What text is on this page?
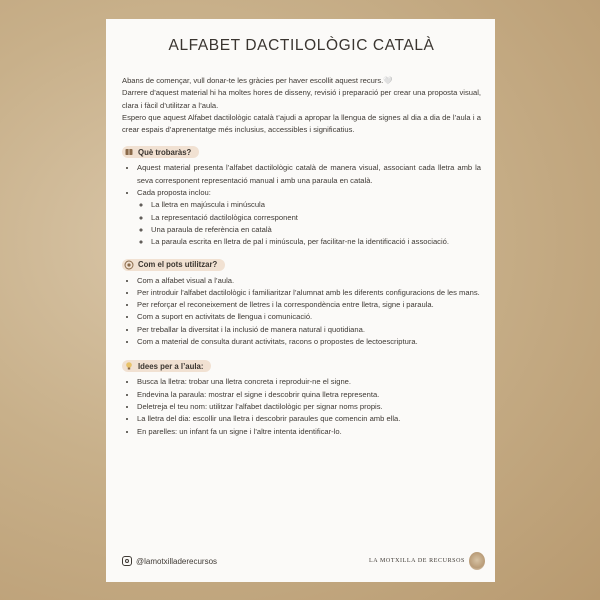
ALFABET DACTILOLÒGIC CATALÀ

Abans de començar, vull donar-te les gràcies per haver escollit aquest recurs.🤍

Darrere d’aquest material hi ha moltes hores de disseny, revisió i preparació per crear una proposta visual, clara i fàcil d’utilitzar a l’aula.

Espero que aquest Alfabet dactilològic català t’ajudi a apropar la llengua de signes al dia a dia de l’aula i a crear espais d’aprenentatge més inclusius, accessibles i significatius.

Què trobaràs?
• Aquest material presenta l’alfabet dactilològic català de manera visual, associant cada lletra amb la seva corresponent representació manual i amb una paraula en català.
• Cada proposta inclou:
◦ La lletra en majúscula i minúscula
◦ La representació dactilològica corresponent
◦ Una paraula de referència en català
◦ La paraula escrita en lletra de pal i minúscula, per facilitar-ne la identificació i associació.
Com el pots utilitzar?
• Com a alfabet visual a l’aula.
• Per introduir l’alfabet dactilològic i familiaritzar l’alumnat amb les diferents configuracions de les mans.
• Per reforçar el reconeixement de lletres i la correspondència entre lletra, signe i paraula.
• Com a suport en activitats de llengua i comunicació.
• Per treballar la diversitat i la inclusió de manera natural i quotidiana.
• Com a material de consulta durant activitats, racons o propostes de lectoescriptura.
Idees per a l’aula:
• Busca la lletra: trobar una lletra concreta i reproduir-ne el signe.
• Endevina la paraula: mostrar el signe i descobrir quina lletra representa.
• Deletreja el teu nom: utilitzar l’alfabet dactilològic per signar noms propis.
• La lletra del dia: escollir una lletra i descobrir paraules que comencin amb ella.
• En parelles: un infant fa un signe i l’altre intenta identificar-lo.
@lamotxilladerecursos	LA MOTXILLA DE RECURSOS
